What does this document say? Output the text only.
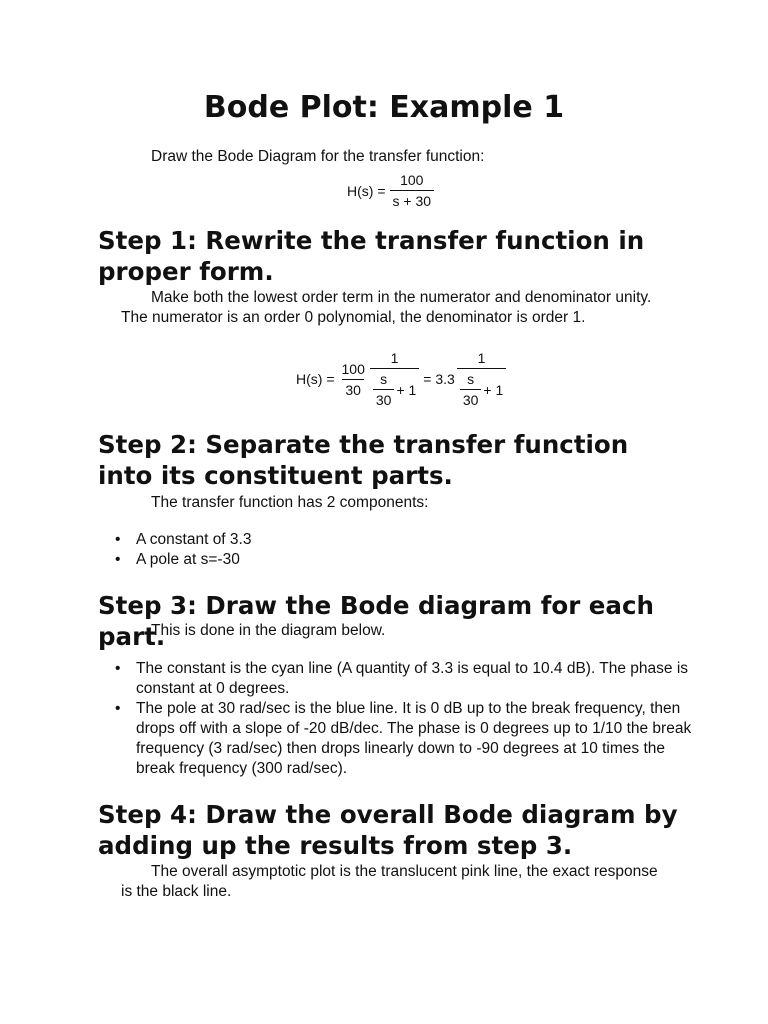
Bode Plot: Example 1

Draw the Bode Diagram for the transfer function:

$H(s) = \frac{100}{s + 30}$
Step 1: Rewrite the transfer function in proper form.

Make both the lowest order term in the numerator and denominator unity. The numerator is an order 0 polynomial, the denominator is order 1.

$H(s) = \frac{100}{30} \frac{1}{\frac{s}{30} + 1} = 3.3 \frac{1}{\frac{s}{30} + 1}$
Step 2: Separate the transfer function into its constituent parts.

The transfer function has 2 components:

• A constant of 3.3
• A pole at s=-30
Step 3: Draw the Bode diagram for each part.

This is done in the diagram below.

• The constant is the cyan line (A quantity of 3.3 is equal to 10.4 dB). The phase is constant at 0 degrees.
• The pole at 30 rad/sec is the blue line. It is 0 dB up to the break frequency, then drops off with a slope of -20 dB/dec. The phase is 0 degrees up to 1/10 the break frequency (3 rad/sec) then drops linearly down to -90 degrees at 10 times the break frequency (300 rad/sec).
Step 4: Draw the overall Bode diagram by adding up the results from step 3.

The overall asymptotic plot is the translucent pink line, the exact response is the black line.
